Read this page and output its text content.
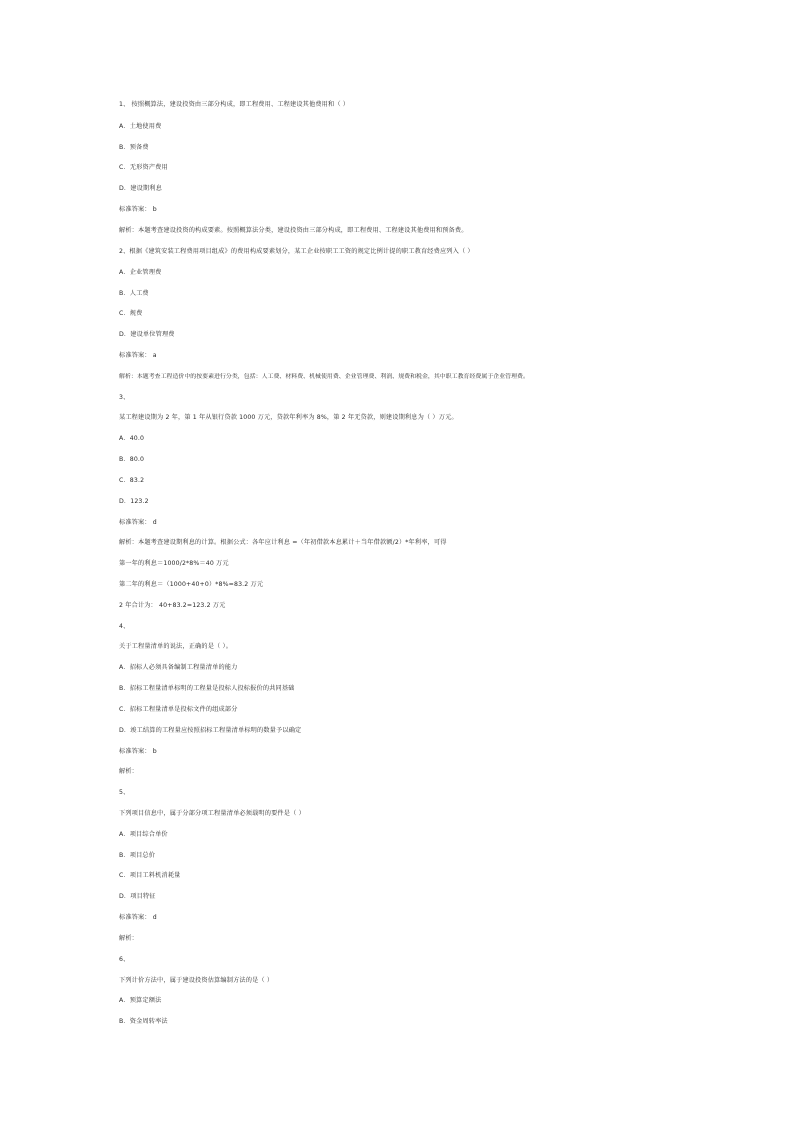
1、 按照概算法，建设投资由三部分构成，即工程费用、工程建设其他费用和（ ）
A．土地使用费
B．预备费
C．无形资产费用
D．建设期利息
标准答案： b
解析：本题考查建设投资的构成要素。按照概算法分类，建设投资由三部分构成，即工程费用、工程建设其他费用和预备费。
2、根据《建筑安装工程费用项目组成》的费用构成要素划分，某工企业按职工工资的规定比例计提的职工教育经费应列入（ ）
A．企业管理费
B．人工费
C．规费
D．建设单位管理费
标准答案： a
解析：本题考查工程造价中的按要素进行分类，包括：人工费、材料费、机械使用费、企业管理费、利润、规费和税金，其中职工教育经费属于企业管理费。
3、
某工程建设期为 2 年，第 1 年从银行贷款 1000 万元，贷款年利率为 8%，第 2 年无贷款，则建设期利息为（ ）万元。
A．40.0
B．80.0
C．83.2
D．123.2
标准答案： d
解析：本题考查建设期利息的计算。根据公式：各年应计利息 =（年初借款本息累计＋当年借款额/2）*年利率，可得
第一年的利息＝1000/2*8%＝40 万元
第二年的利息＝（1000+40+0）*8%=83.2 万元
2 年合计为： 40+83.2=123.2 万元
4、
关于工程量清单的说法，正确的是（ ）。
A．招标人必须具备编制工程量清单的能力
B．招标工程量清单标明的工程量是投标人投标报价的共同基础
C．招标工程量清单是投标文件的组成部分
D．竣工结算的工程量应按照招标工程量清单标明的数量予以确定
标准答案： b
解析：
5、
下列项目信息中，属于分部分项工程量清单必须载明的要件是（ ）
A．项目综合单价
B．项目总价
C．项目工料机消耗量
D．项目特征
标准答案： d
解析：
6、
下列计价方法中，属于建设投资估算编制方法的是（ ）
A．预算定额法
B．资金周转率法
